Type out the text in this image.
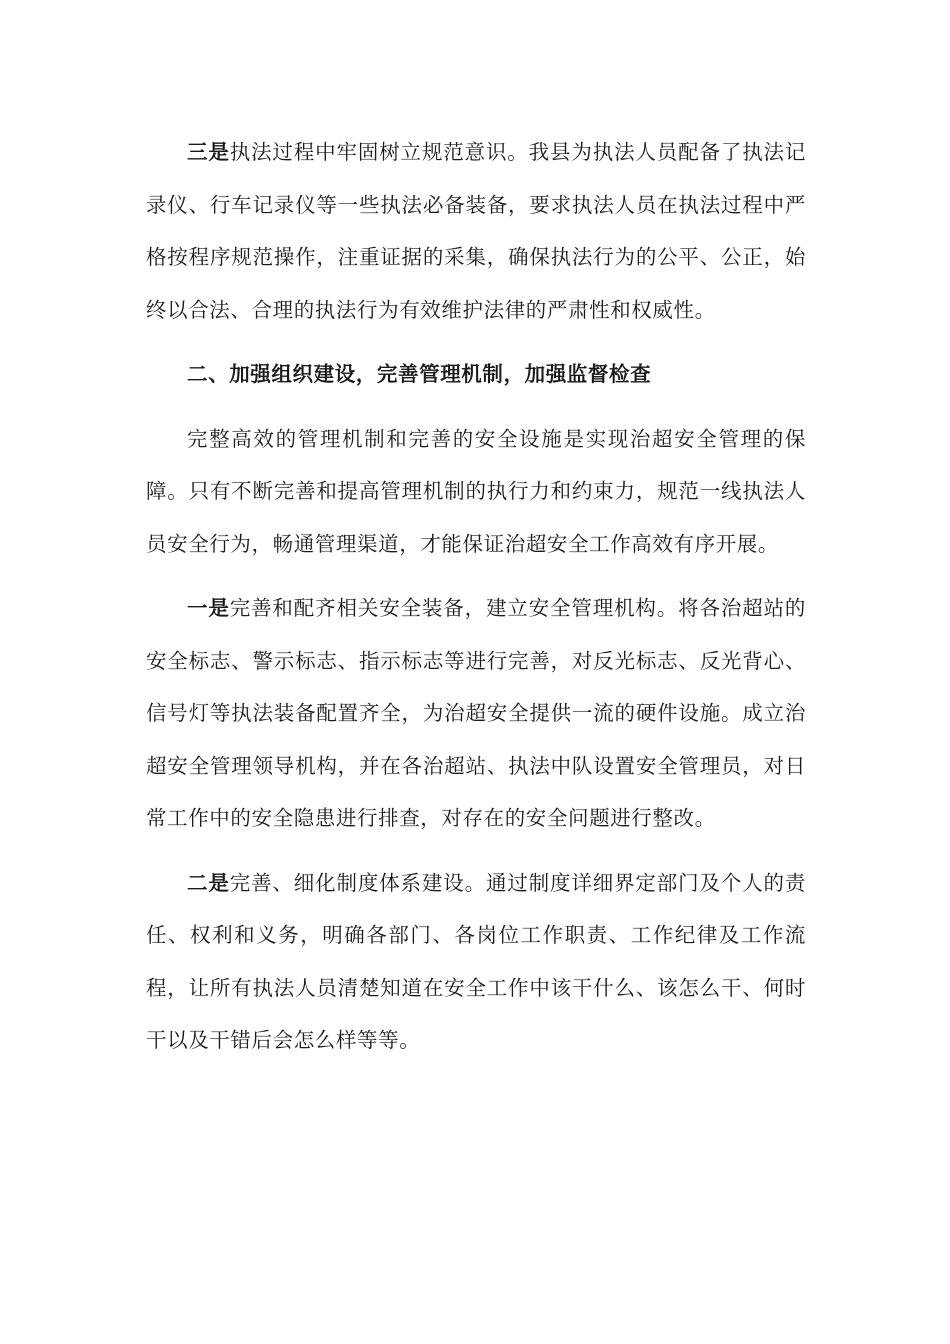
三是执法过程中牢固树立规范意识。我县为执法人员配备了执法记录仪、行车记录仪等一些执法必备装备，要求执法人员在执法过程中严格按程序规范操作，注重证据的采集，确保执法行为的公平、公正，始终以合法、合理的执法行为有效维护法律的严肃性和权威性。

二、加强组织建设，完善管理机制，加强监督检查

完整高效的管理机制和完善的安全设施是实现治超安全管理的保障。只有不断完善和提高管理机制的执行力和约束力，规范一线执法人员安全行为，畅通管理渠道，才能保证治超安全工作高效有序开展。

一是完善和配齐相关安全装备，建立安全管理机构。将各治超站的安全标志、警示标志、指示标志等进行完善，对反光标志、反光背心、信号灯等执法装备配置齐全，为治超安全提供一流的硬件设施。成立治超安全管理领导机构，并在各治超站、执法中队设置安全管理员，对日常工作中的安全隐患进行排查，对存在的安全问题进行整改。

二是完善、细化制度体系建设。通过制度详细界定部门及个人的责任、权利和义务，明确各部门、各岗位工作职责、工作纪律及工作流程，让所有执法人员清楚知道在安全工作中该干什么、该怎么干、何时干以及干错后会怎么样等等。
